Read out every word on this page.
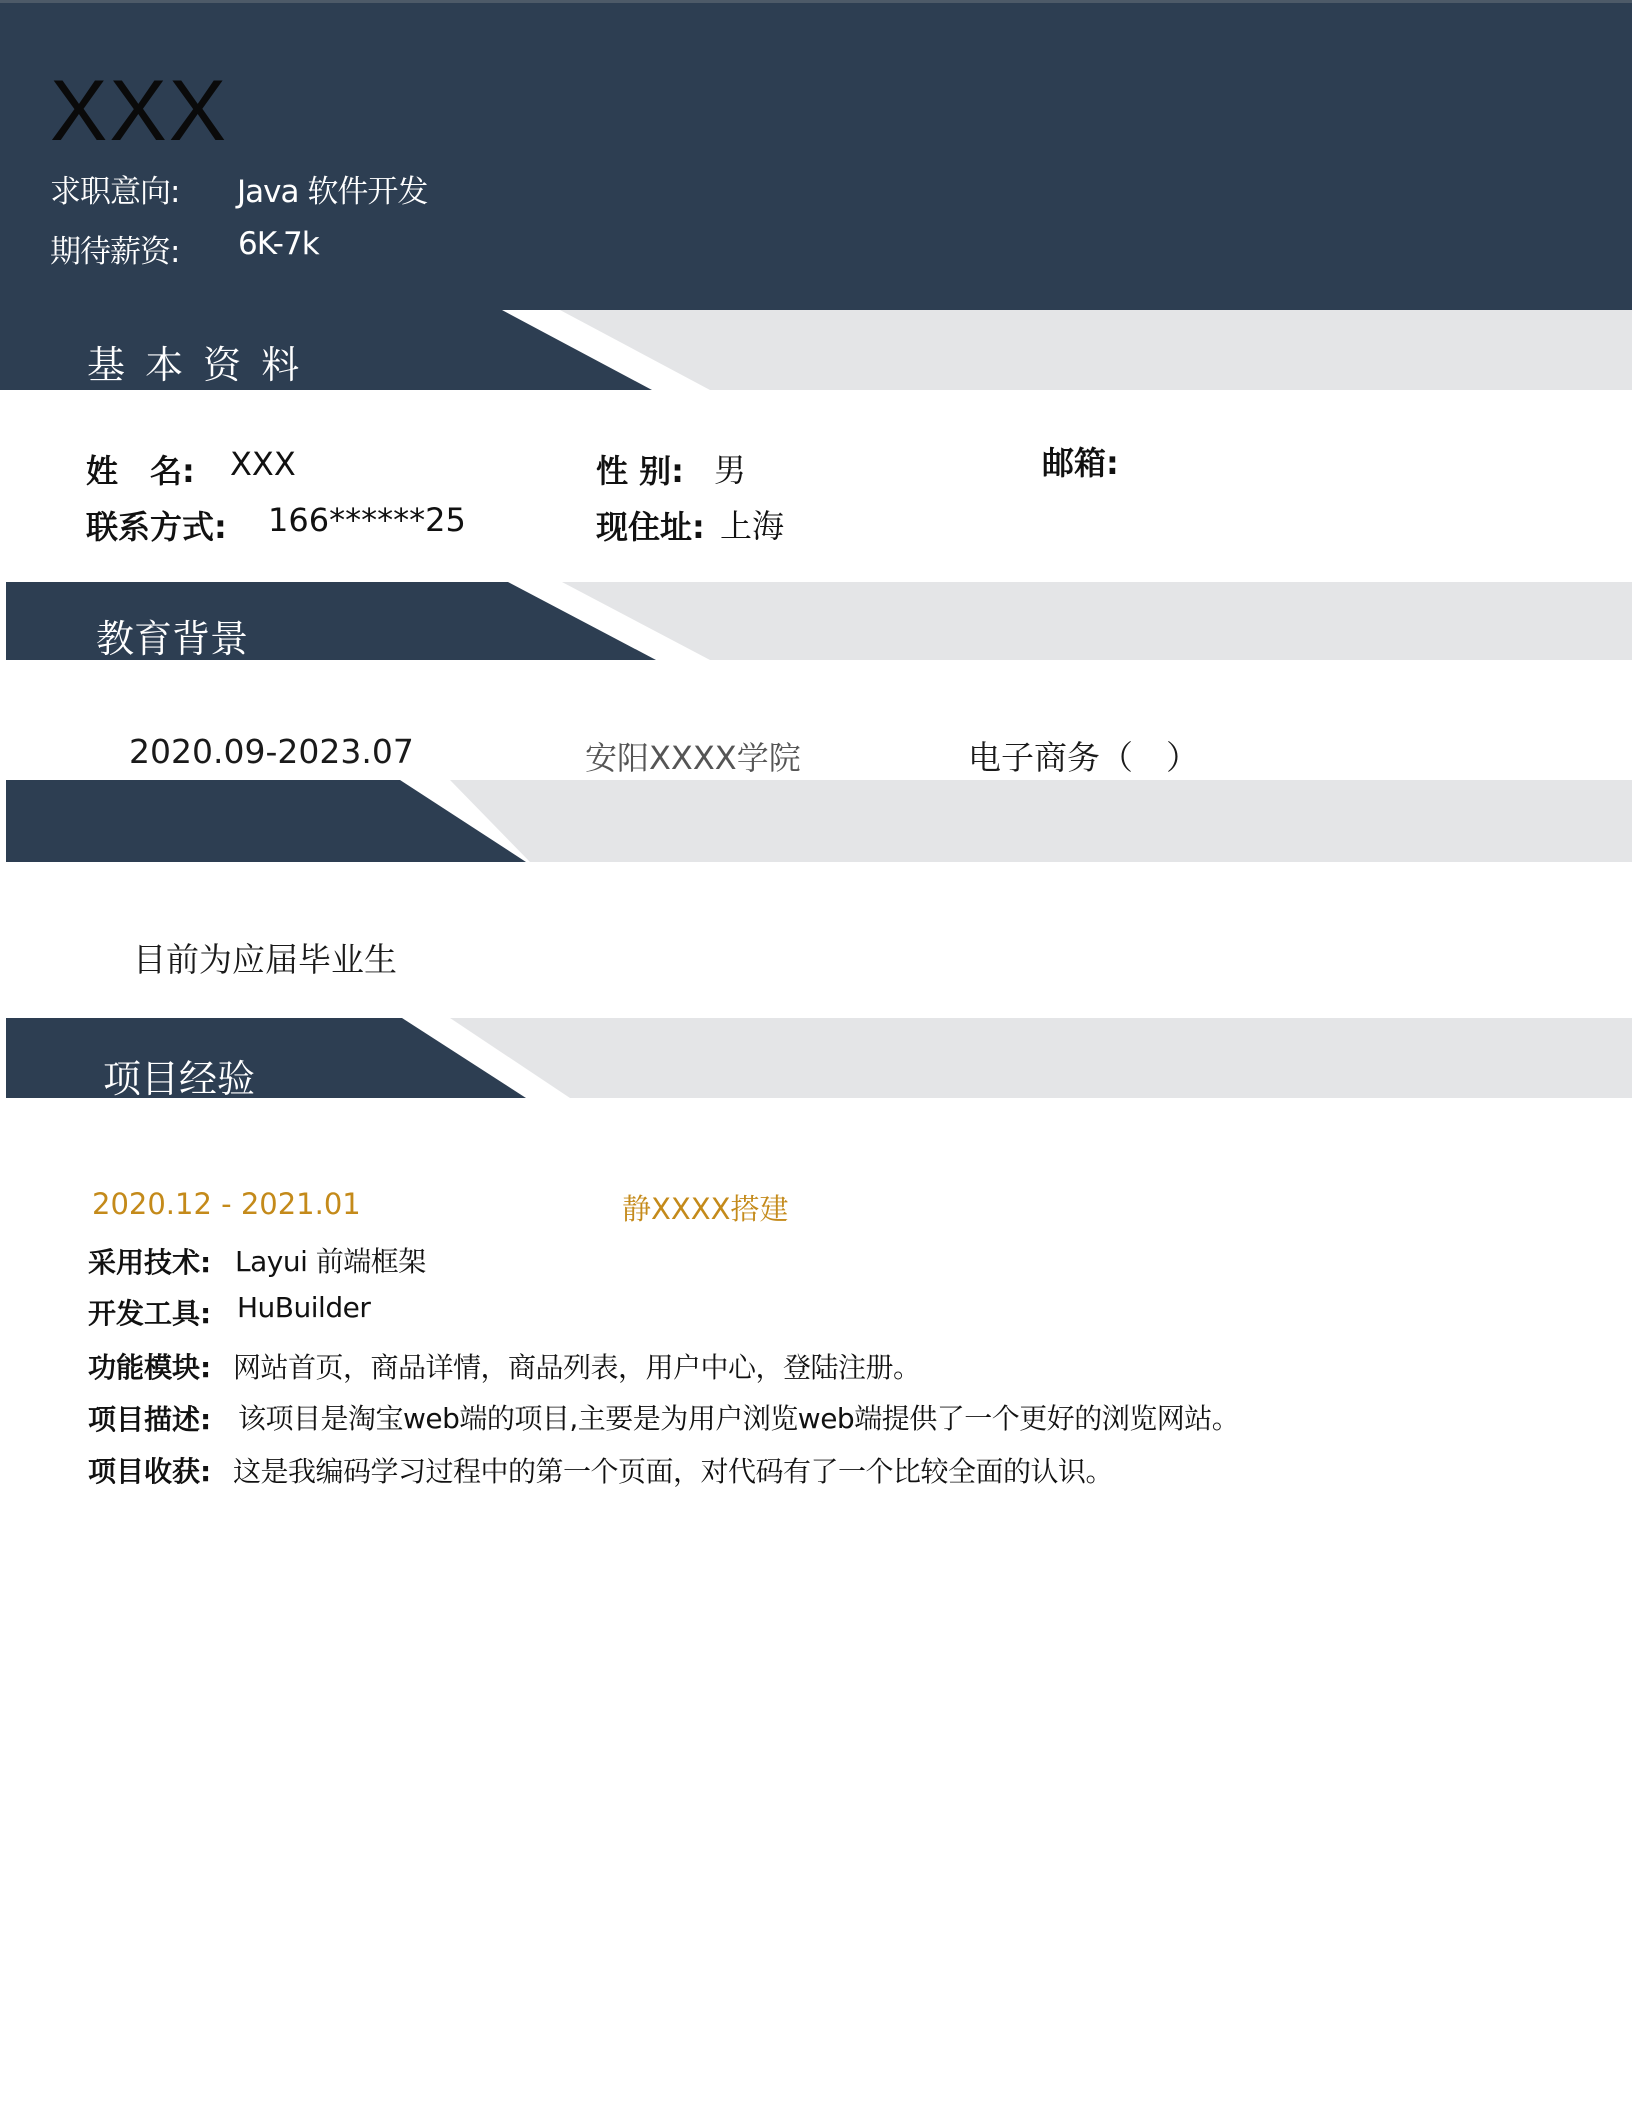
XXX
求职意向: Java 软件开发
期待薪资: 6K-7k
基 本 资 料
姓　名: XXX	性 别: 男	邮箱:
联系方式: 166******25	现住址: 上海
教育背景
2020.09-2023.07	安阳XXXX学院	电子商务（　）
目前为应届毕业生
项目经验
2020.12 - 2021.01	静XXXX搭建
采用技术: Layui 前端框架
开发工具: HuBuilder
功能模块: 网站首页，商品详情，商品列表，用户中心，登陆注册。
项目描述: 该项目是淘宝web端的项目,主要是为用户浏览web端提供了一个更好的浏览网站。
项目收获: 这是我编码学习过程中的第一个页面，对代码有了一个比较全面的认识。
